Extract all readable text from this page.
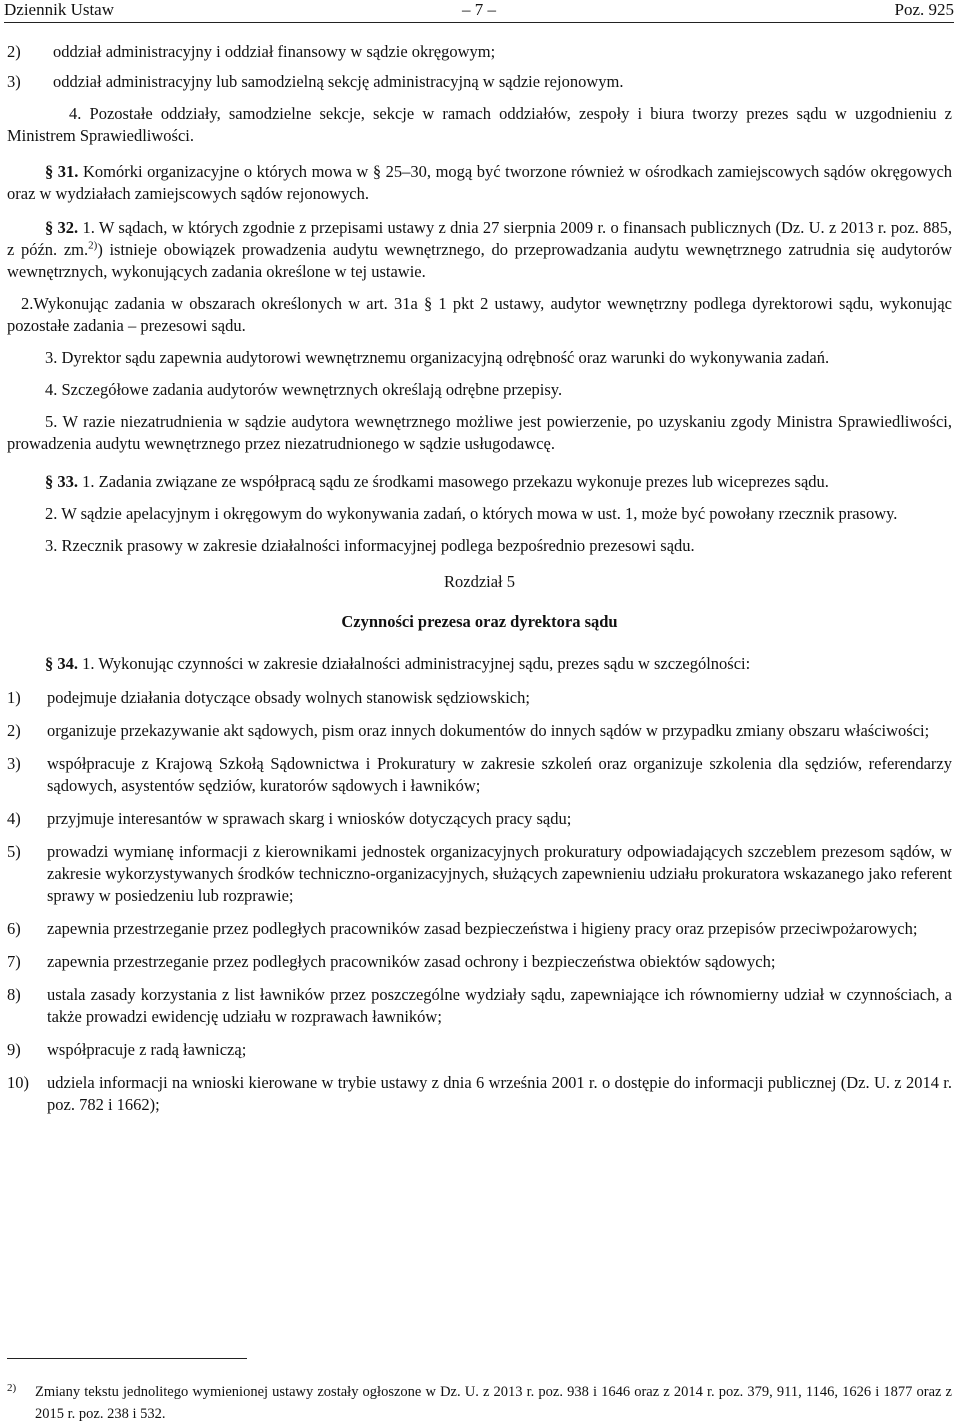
Dziennik Ustaw	– 7 –	Poz. 925
2)	oddział administracyjny i oddział finansowy w sądzie okręgowym;
3)	oddział administracyjny lub samodzielną sekcję administracyjną w sądzie rejonowym.

4. Pozostałe oddziały, samodzielne sekcje, sekcje w ramach oddziałów, zespoły i biura tworzy prezes sądu w uzgodnieniu z Ministrem Sprawiedliwości.

§ 31. Komórki organizacyjne o których mowa w § 25–30, mogą być tworzone również w ośrodkach zamiejscowych sądów okręgowych oraz w wydziałach zamiejscowych sądów rejonowych.

§ 32. 1. W sądach, w których zgodnie z przepisami ustawy z dnia 27 sierpnia 2009 r. o finansach publicznych (Dz. U. z 2013 r. poz. 885, z późn. zm.$^{2)}$) istnieje obowiązek prowadzenia audytu wewnętrznego, do przeprowadzania audytu wewnętrznego zatrudnia się audytorów wewnętrznych, wykonujących zadania określone w tej ustawie.

2.Wykonując zadania w obszarach określonych w art. 31a § 1 pkt 2 ustawy, audytor wewnętrzny podlega dyrektorowi sądu, wykonując pozostałe zadania – prezesowi sądu.

3. Dyrektor sądu zapewnia audytorowi wewnętrznemu organizacyjną odrębność oraz warunki do wykonywania zadań.

4. Szczegółowe zadania audytorów wewnętrznych określają odrębne przepisy.

5. W razie niezatrudnienia w sądzie audytora wewnętrznego możliwe jest powierzenie, po uzyskaniu zgody Ministra Sprawiedliwości, prowadzenia audytu wewnętrznego przez niezatrudnionego w sądzie usługodawcę.

§ 33. 1. Zadania związane ze współpracą sądu ze środkami masowego przekazu wykonuje prezes lub wiceprezes sądu.

2. W sądzie apelacyjnym i okręgowym do wykonywania zadań, o których mowa w ust. 1, może być powołany rzecznik prasowy.

3. Rzecznik prasowy w zakresie działalności informacyjnej podlega bezpośrednio prezesowi sądu.

Rozdział 5

Czynności prezesa oraz dyrektora sądu

§ 34. 1. Wykonując czynności w zakresie działalności administracyjnej sądu, prezes sądu w szczególności:

1)	podejmuje działania dotyczące obsady wolnych stanowisk sędziowskich;
2)	organizuje przekazywanie akt sądowych, pism oraz innych dokumentów do innych sądów w przypadku zmiany obszaru właściwości;
3)	współpracuje z Krajową Szkołą Sądownictwa i Prokuratury w zakresie szkoleń oraz organizuje szkolenia dla sędziów, referendarzy sądowych, asystentów sędziów, kuratorów sądowych i ławników;
4)	przyjmuje interesantów w sprawach skarg i wniosków dotyczących pracy sądu;
5)	prowadzi wymianę informacji z kierownikami jednostek organizacyjnych prokuratury odpowiadających szczeblem prezesom sądów, w zakresie wykorzystywanych środków techniczno-organizacyjnych, służących zapewnieniu udziału prokuratora wskazanego jako referent sprawy w posiedzeniu lub rozprawie;
6)	zapewnia przestrzeganie przez podległych pracowników zasad bezpieczeństwa i higieny pracy oraz przepisów przeciwpożarowych;
7)	zapewnia przestrzeganie przez podległych pracowników zasad ochrony i bezpieczeństwa obiektów sądowych;
8)	ustala zasady korzystania z list ławników przez poszczególne wydziały sądu, zapewniające ich równomierny udział w czynnościach, a także prowadzi ewidencję udziału w rozprawach ławników;
9)	współpracuje z radą ławniczą;
10)	udziela informacji na wnioski kierowane w trybie ustawy z dnia 6 września 2001 r. o dostępie do informacji publicznej (Dz. U. z 2014 r. poz. 782 i 1662);
2)	Zmiany tekstu jednolitego wymienionej ustawy zostały ogłoszone w Dz. U. z 2013 r. poz. 938 i 1646 oraz z 2014 r. poz. 379, 911, 1146, 1626 i 1877 oraz z 2015 r. poz. 238 i 532.
